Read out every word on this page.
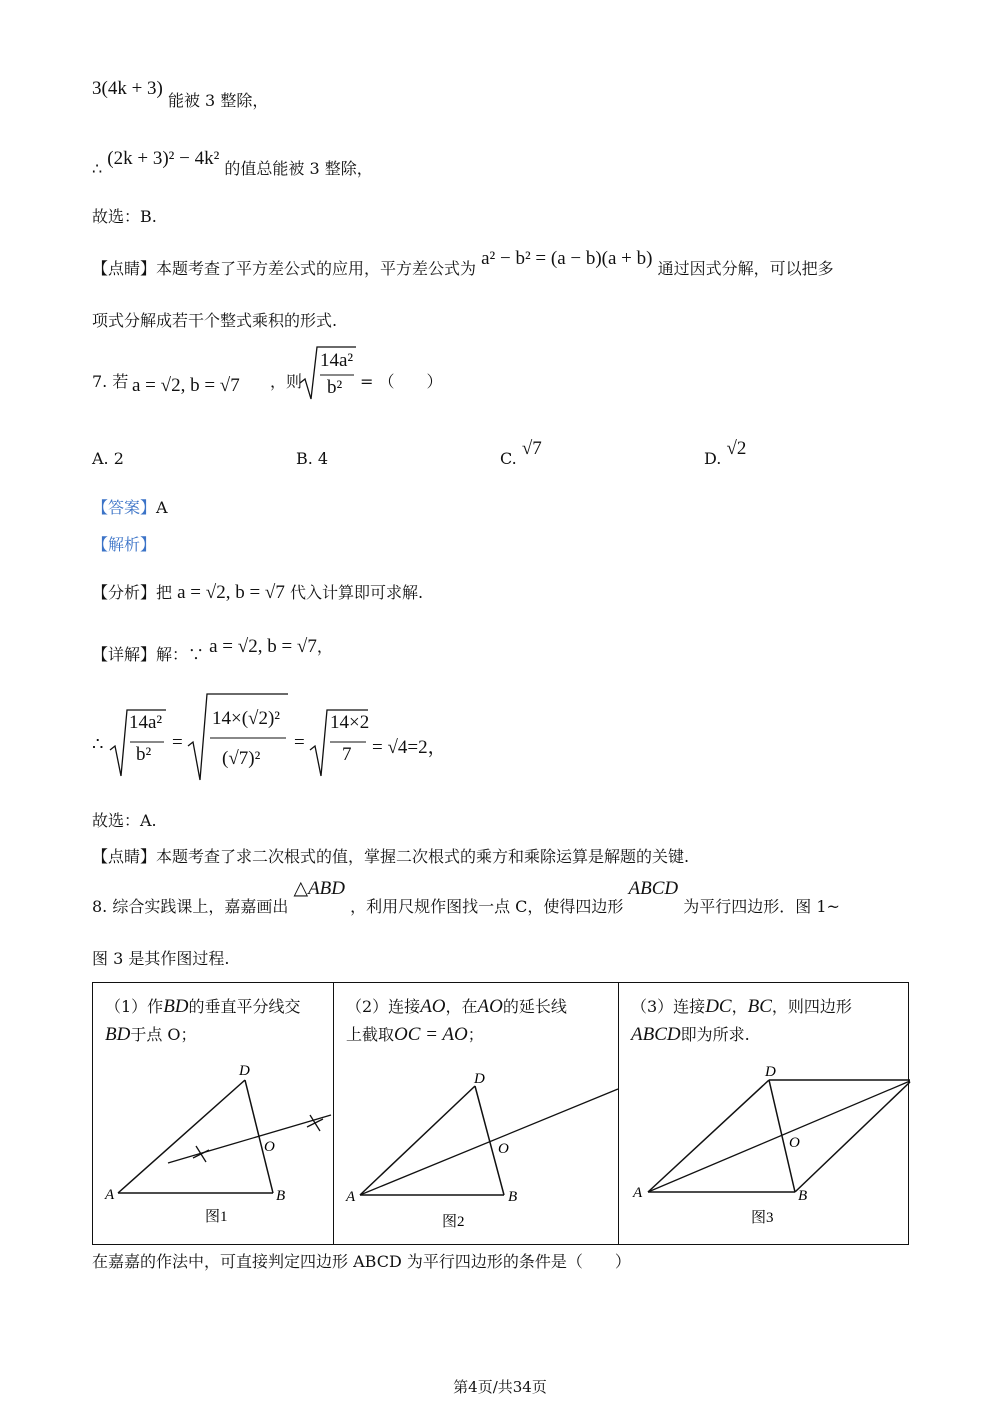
3(4k + 3) 能被 3 整除，
∴ (2k + 3)² − 4k² 的值总能被 3 整除，
故选：B.
【点睛】本题考查了平方差公式的应用，平方差公式为 a² − b² = (a − b)(a + b) 通过因式分解，可以把多
项式分解成若干个整式乘积的形式.
7. 若 a = √2, b = √7 ，则
14a²
b² = （　　）
A. 2	B. 4	C. √7	D. √2
【答案】A
【解析】
【分析】把 a = √2, b = √7 代入计算即可求解.
【详解】解：∵ a = √2, b = √7，
∴
14a²
b²
=
14×(√2)²
(√7)²
=
14×2
7 = √4=2，
故选：A.
【点睛】本题考查了求二次根式的值，掌握二次根式的乘方和乘除运算是解题的关键.
8. 综合实践课上，嘉嘉画出 △ABD ，利用尺规作图找一点 C，使得四边形 ABCD 为平行四边形．图 1~
图 3 是其作图过程.
（1）作BD的垂直平分线交
BD于点 O；
A	B
D
O
图1
（2）连接AO，在AO的延长线
上截取OC = AO；
A	B
D
O
图2
（3）连接DC，BC，则四边形
ABCD即为所求.
A	B
D
O
图3
在嘉嘉的作法中，可直接判定四边形 ABCD 为平行四边形的条件是（　　）
第4页/共34页
